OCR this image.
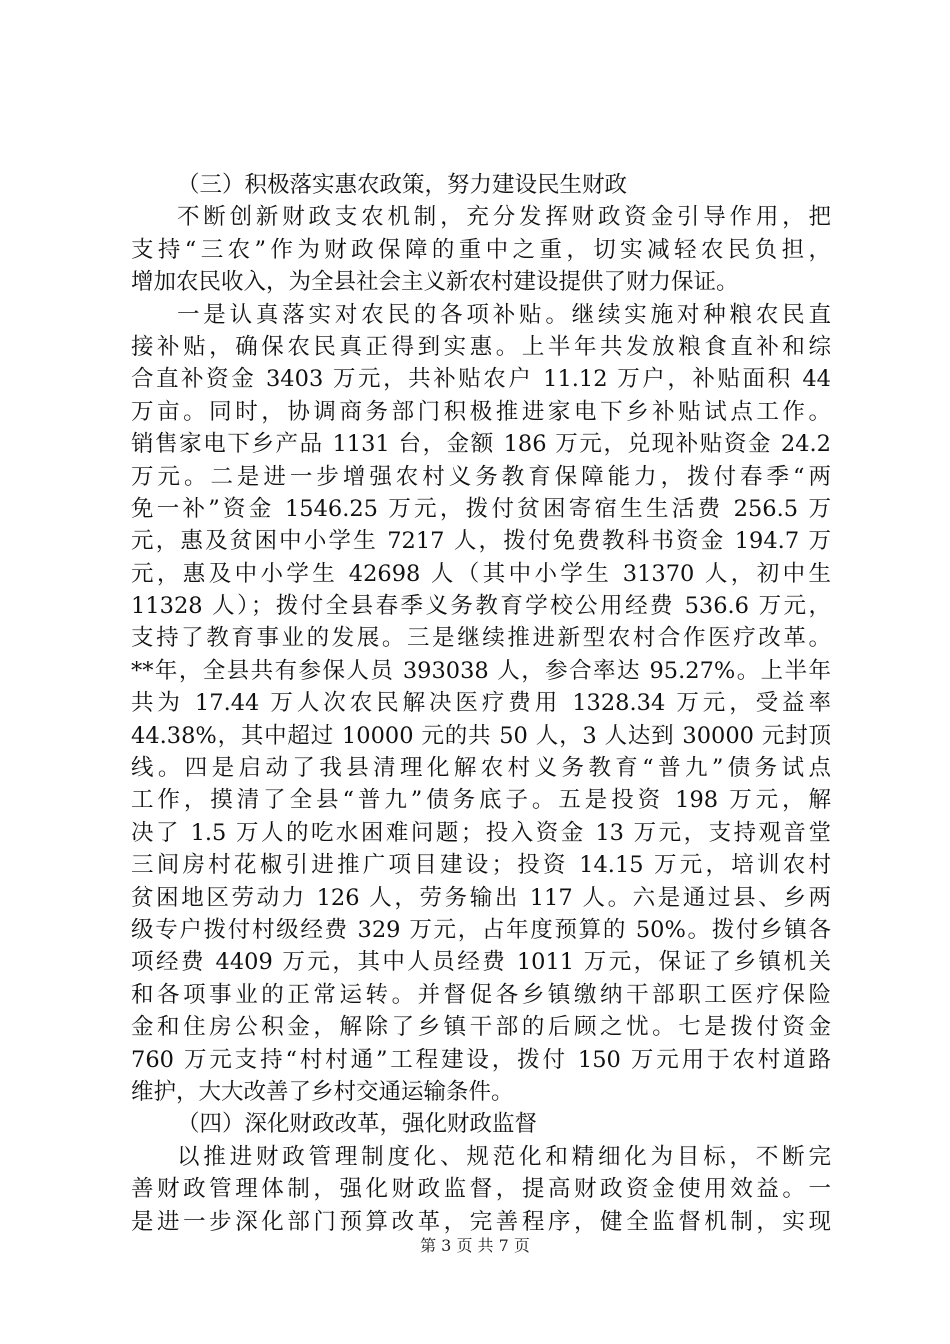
（三）积极落实惠农政策，努力建设民生财政
不断创新财政支农机制，充分发挥财政资金引导作用，把
支持“三农”作为财政保障的重中之重，切实减轻农民负担，
增加农民收入，为全县社会主义新农村建设提供了财力保证。
一是认真落实对农民的各项补贴。继续实施对种粮农民直
接补贴，确保农民真正得到实惠。上半年共发放粮食直补和综
合直补资金 3403 万元，共补贴农户 11.12 万户，补贴面积 44
万亩。同时，协调商务部门积极推进家电下乡补贴试点工作。
销售家电下乡产品 1131 台，金额 186 万元，兑现补贴资金 24.2
万元。二是进一步增强农村义务教育保障能力，拨付春季“两
免一补”资金 1546.25 万元，拨付贫困寄宿生生活费 256.5 万
元，惠及贫困中小学生 7217 人，拨付免费教科书资金 194.7 万
元，惠及中小学生 42698 人（其中小学生 31370 人，初中生
11328 人）；拨付全县春季义务教育学校公用经费 536.6 万元，
支持了教育事业的发展。三是继续推进新型农村合作医疗改革。
**年，全县共有参保人员 393038 人，参合率达 95.27%。上半年
共为 17.44 万人次农民解决医疗费用 1328.34 万元，受益率
44.38%，其中超过 10000 元的共 50 人，3 人达到 30000 元封顶
线。四是启动了我县清理化解农村义务教育“普九”债务试点
工作，摸清了全县“普九”债务底子。五是投资 198 万元，解
决了 1.5 万人的吃水困难问题；投入资金 13 万元，支持观音堂
三间房村花椒引进推广项目建设；投资 14.15 万元，培训农村
贫困地区劳动力 126 人，劳务输出 117 人。六是通过县、乡两
级专户拨付村级经费 329 万元，占年度预算的 50%。拨付乡镇各
项经费 4409 万元，其中人员经费 1011 万元，保证了乡镇机关
和各项事业的正常运转。并督促各乡镇缴纳干部职工医疗保险
金和住房公积金，解除了乡镇干部的后顾之忧。七是拨付资金
760 万元支持“村村通”工程建设，拨付 150 万元用于农村道路
维护，大大改善了乡村交通运输条件。
（四）深化财政改革，强化财政监督
以推进财政管理制度化、规范化和精细化为目标，不断完
善财政管理体制，强化财政监督，提高财政资金使用效益。一
是进一步深化部门预算改革，完善程序，健全监督机制，实现
第 3 页 共 7 页
